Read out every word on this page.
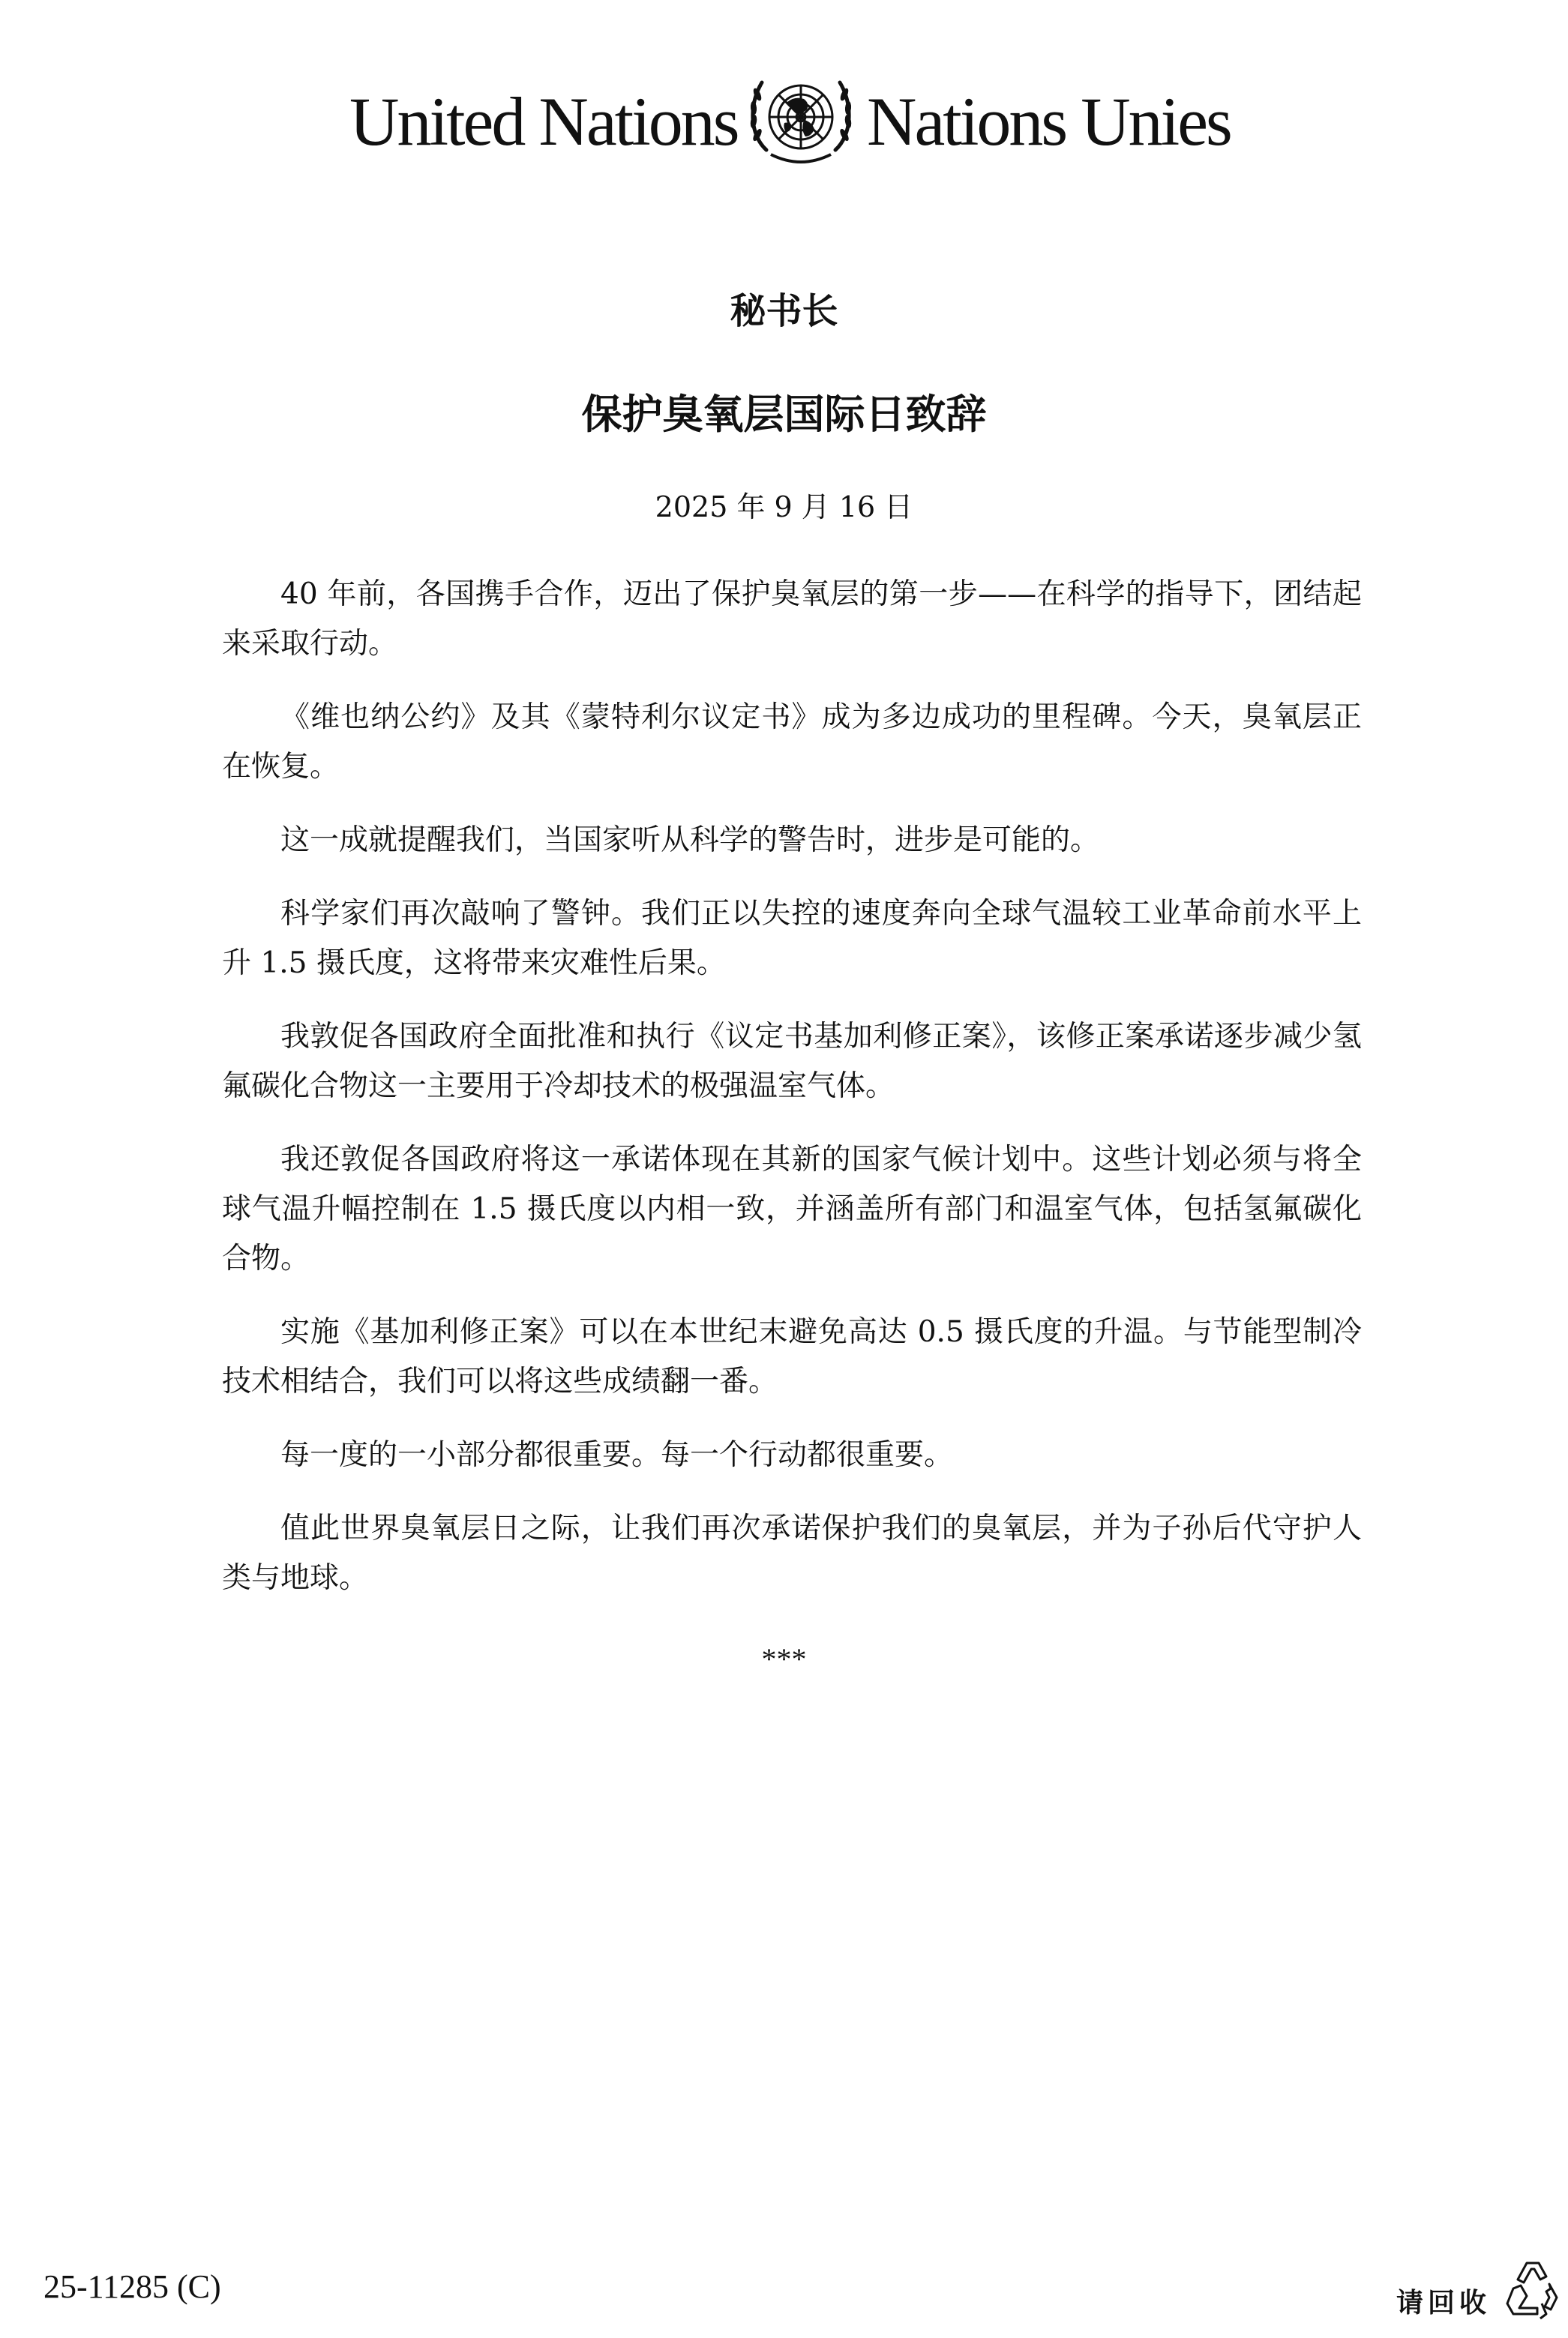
United Nations Nations Unies
秘书长
保护臭氧层国际日致辞
2025 年 9 月 16 日

40 年前，各国携手合作，迈出了保护臭氧层的第一步——在科学的指导下，团结起来采取行动。

《维也纳公约》及其《蒙特利尔议定书》成为多边成功的里程碑。今天，臭氧层正在恢复。

这一成就提醒我们，当国家听从科学的警告时，进步是可能的。

科学家们再次敲响了警钟。我们正以失控的速度奔向全球气温较工业革命前水平上升 1.5 摄氏度，这将带来灾难性后果。

我敦促各国政府全面批准和执行《议定书基加利修正案》，该修正案承诺逐步减少氢氟碳化合物这一主要用于冷却技术的极强温室气体。

我还敦促各国政府将这一承诺体现在其新的国家气候计划中。这些计划必须与将全球气温升幅控制在 1.5 摄氏度以内相一致，并涵盖所有部门和温室气体，包括氢氟碳化合物。

实施《基加利修正案》可以在本世纪末避免高达 0.5 摄氏度的升温。与节能型制冷技术相结合，我们可以将这些成绩翻一番。

每一度的一小部分都很重要。每一个行动都很重要。

值此世界臭氧层日之际，让我们再次承诺保护我们的臭氧层，并为子孙后代守护人类与地球。

***
25-11285 (C)	请回收
